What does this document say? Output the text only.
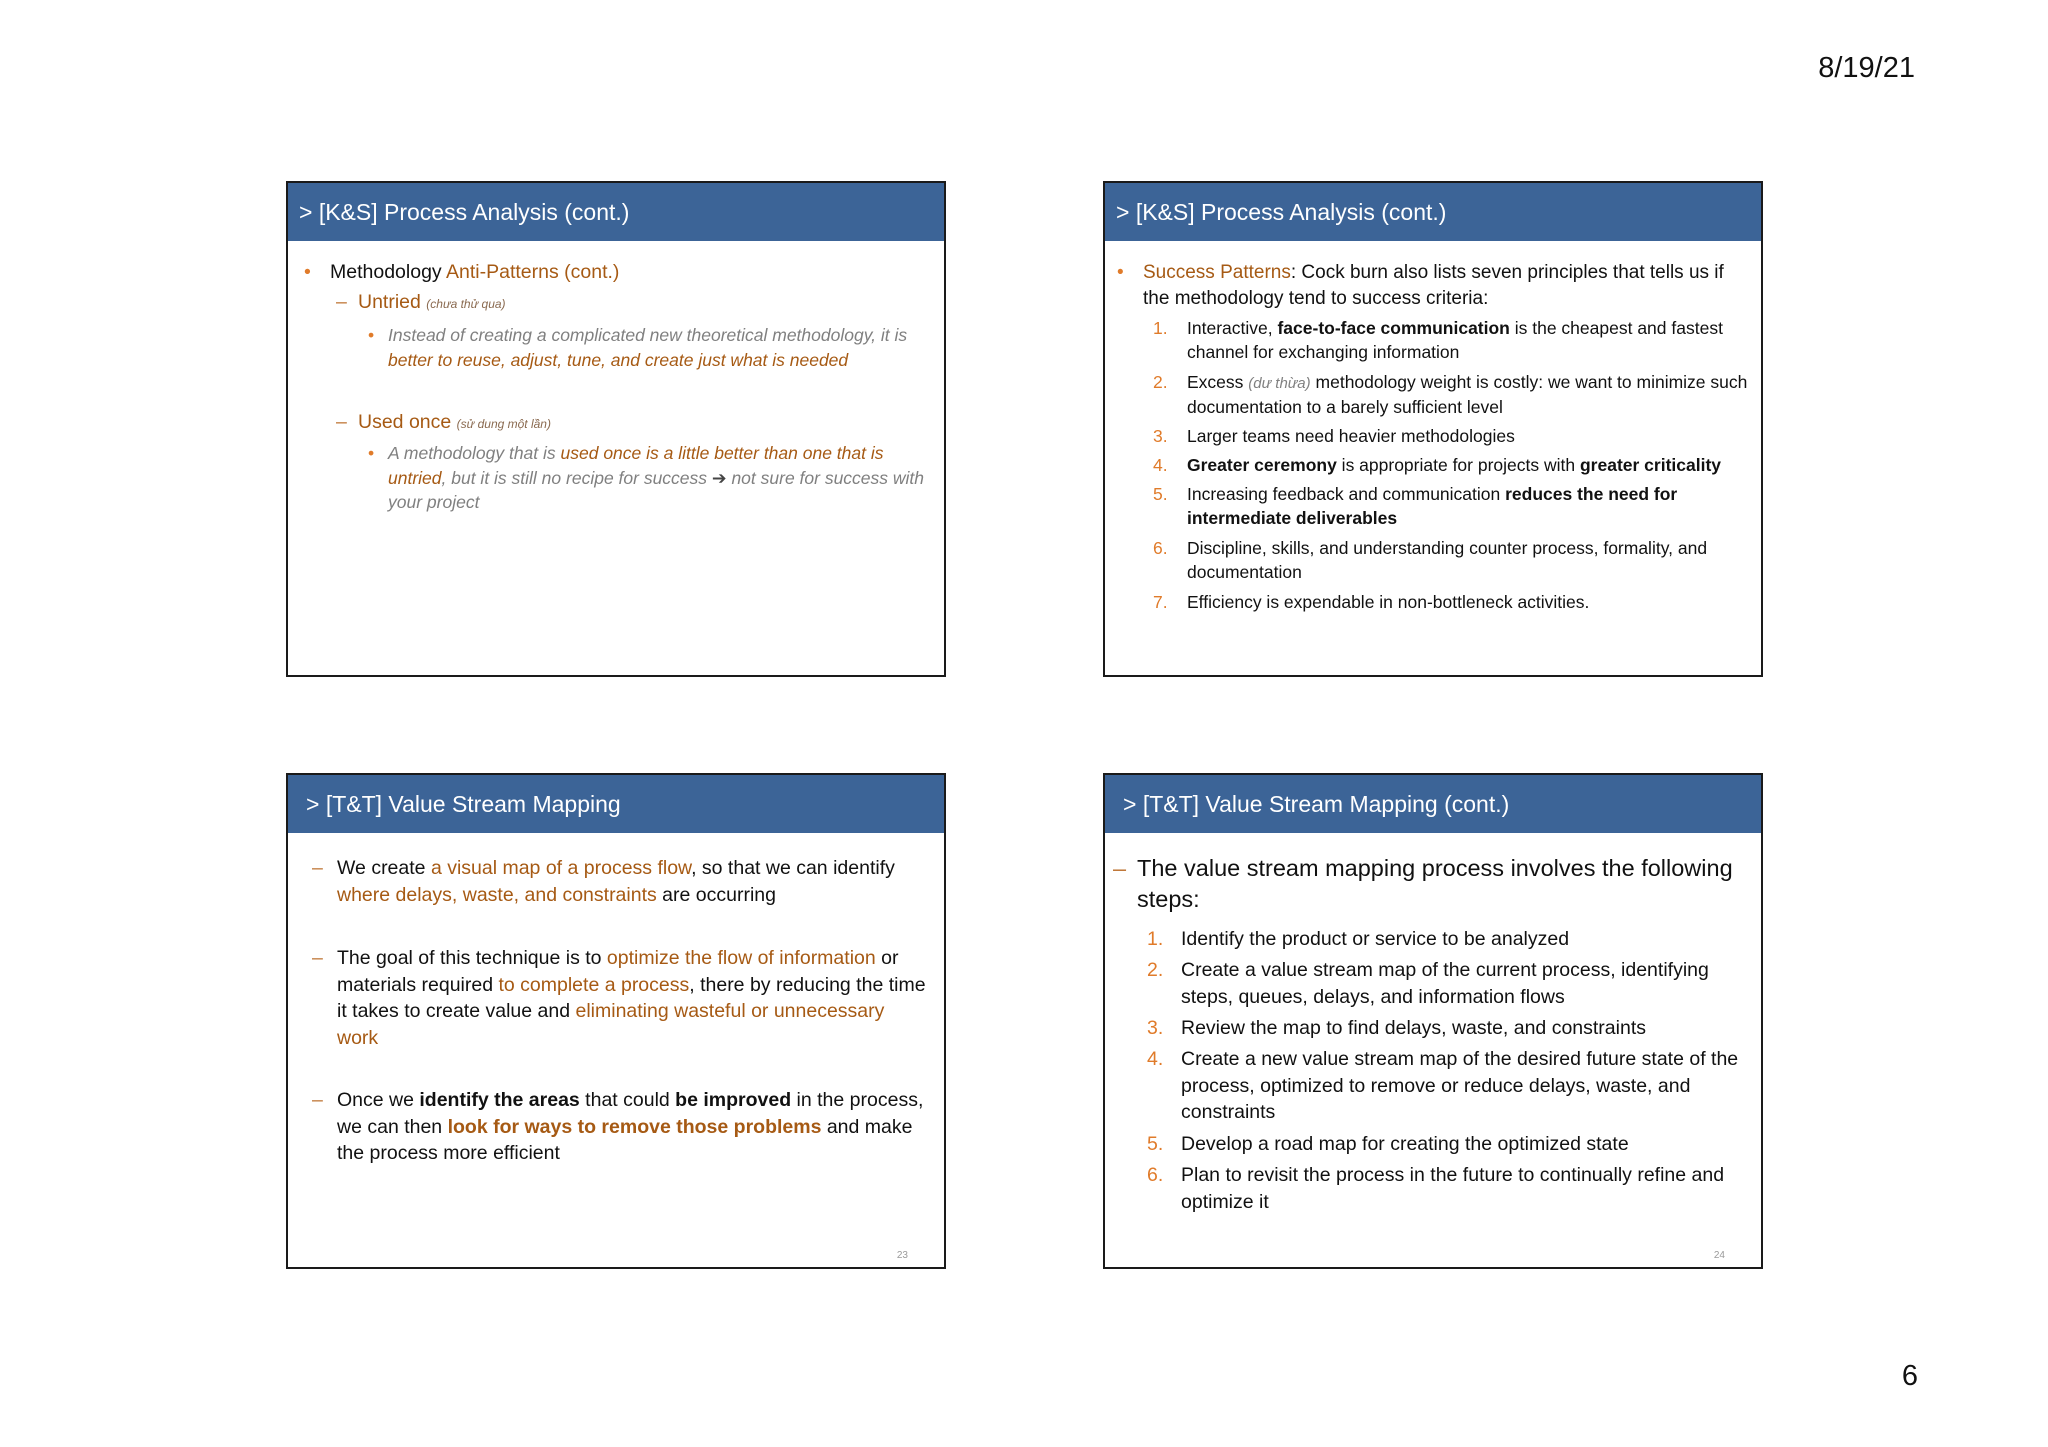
8/19/21
> [K&S] Process Analysis (cont.)
• Methodology Anti-Patterns (cont.)
– Untried (chưa thử qua)
• Instead of creating a complicated new theoretical methodology, it is better to reuse, adjust, tune, and create just what is needed
– Used once (sử dung một lần)
• A methodology that is used once is a little better than one that is untried, but it is still no recipe for success ➔ not sure for success with your project
> [K&S] Process Analysis (cont.)
•	Success Patterns: Cock burn also lists seven principles that tells us if the methodology tend to success criteria:
1.	Interactive, face-to-face communication is the cheapest and fastest channel for exchanging information
2.	Excess (dư thừa) methodology weight is costly: we want to minimize such documentation to a barely sufficient level
3.	Larger teams need heavier methodologies
4.	Greater ceremony is appropriate for projects with greater criticality
5.	Increasing feedback and communication reduces the need for intermediate deliverables
6.	Discipline, skills, and understanding counter process, formality, and documentation
7.	Efficiency is expendable in non-bottleneck activities.
> [T&T] Value Stream Mapping
– We create a visual map of a process flow, so that we can identify where delays, waste, and constraints are occurring
– The goal of this technique is to optimize the flow of information or materials required to complete a process, there by reducing the time it takes to create value and eliminating wasteful or unnecessary work
– Once we identify the areas that could be improved in the process, we can then look for ways to remove those problems and make the process more efficient
23
> [T&T] Value Stream Mapping (cont.)
– The value stream mapping process involves the following steps:
1. Identify the product or service to be analyzed
2. Create a value stream map of the current process, identifying steps, queues, delays, and information flows
3. Review the map to find delays, waste, and constraints
4. Create a new value stream map of the desired future state of the process, optimized to remove or reduce delays, waste, and constraints
5. Develop a road map for creating the optimized state
6. Plan to revisit the process in the future to continually refine and optimize it
24
6
